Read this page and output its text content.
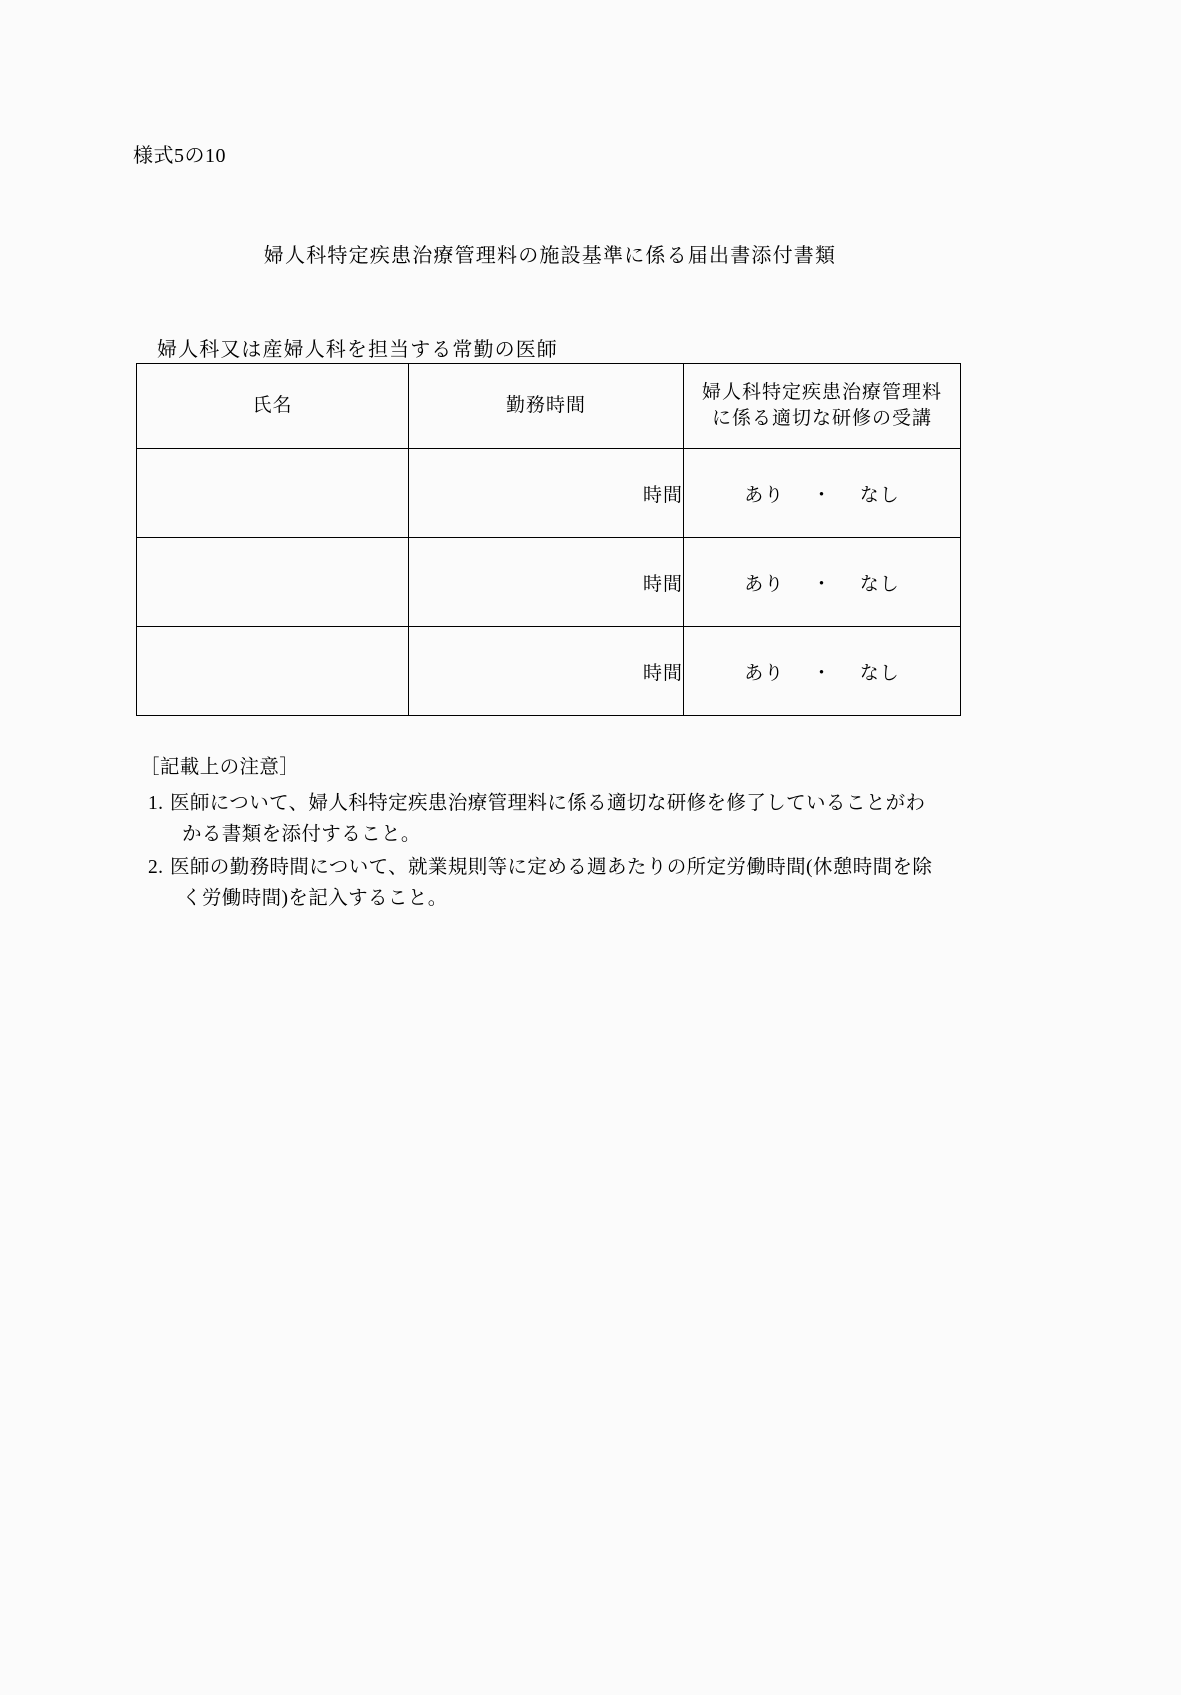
様式5の10
婦人科特定疾患治療管理料の施設基準に係る届出書添付書類
婦人科又は産婦人科を担当する常勤の医師
氏名	勤務時間	婦人科特定疾患治療管理料
に係る適切な研修の受講

	時間	あり ・ なし
	時間	あり ・ なし
	時間	あり ・ なし

［記載上の注意］

1. 医師について、婦人科特定疾患治療管理料に係る適切な研修を修了していることがわ
かる書類を添付すること。

2. 医師の勤務時間について、就業規則等に定める週あたりの所定労働時間(休憩時間を除
く労働時間)を記入すること。
